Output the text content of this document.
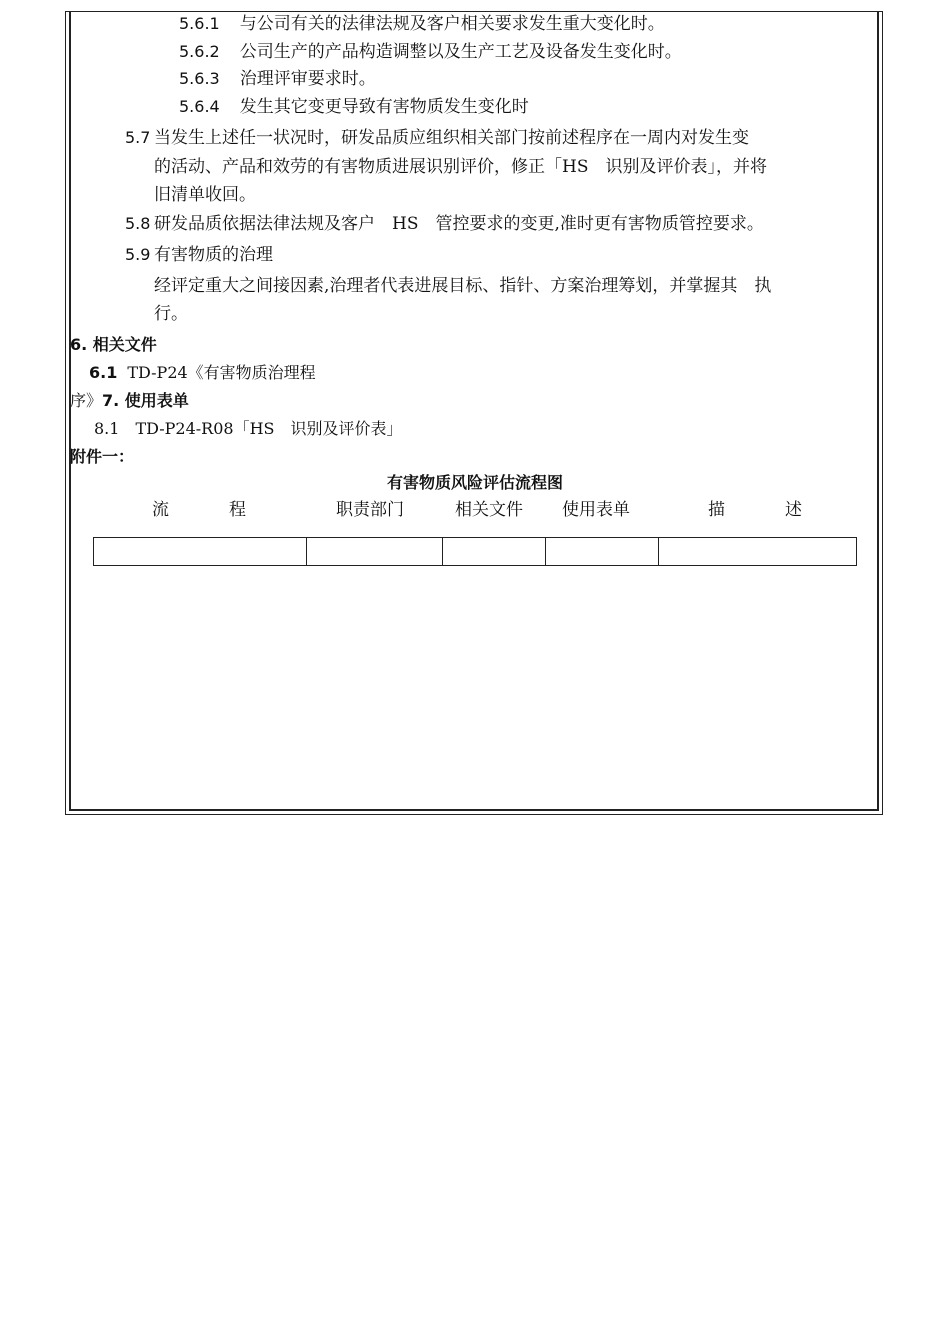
5.6.1 与公司有关的法律法规及客户相关要求发生重大变化时。
5.6.2 公司生产的产品构造调整以及生产工艺及设备发生变化时。
5.6.3 治理评审要求时。
5.6.4 发生其它变更导致有害物质发生变化时
5.7 当发生上述任一状况时，研发品质应组织相关部门按前述程序在一周内对发生变
的活动、产品和效劳的有害物质进展识别评价，修正「HS　识别及评价表」，并将
旧清单收回。
5.8 研发品质依据法律法规及客户　HS　管控要求的变更,准时更有害物质管控要求。
5.9 有害物质的治理
经评定重大之间接因素,治理者代表进展目标、指针、方案治理筹划，并掌握其　执
行。
6. 相关文件
6.1 TD-P24《有害物质治理程
序》7. 使用表单
8.1　TD-P24-R08「HS　识别及评价表」
附件一：
有害物质风险评估流程图
流	程	职责部门	相关文件 使用表单	描	述
